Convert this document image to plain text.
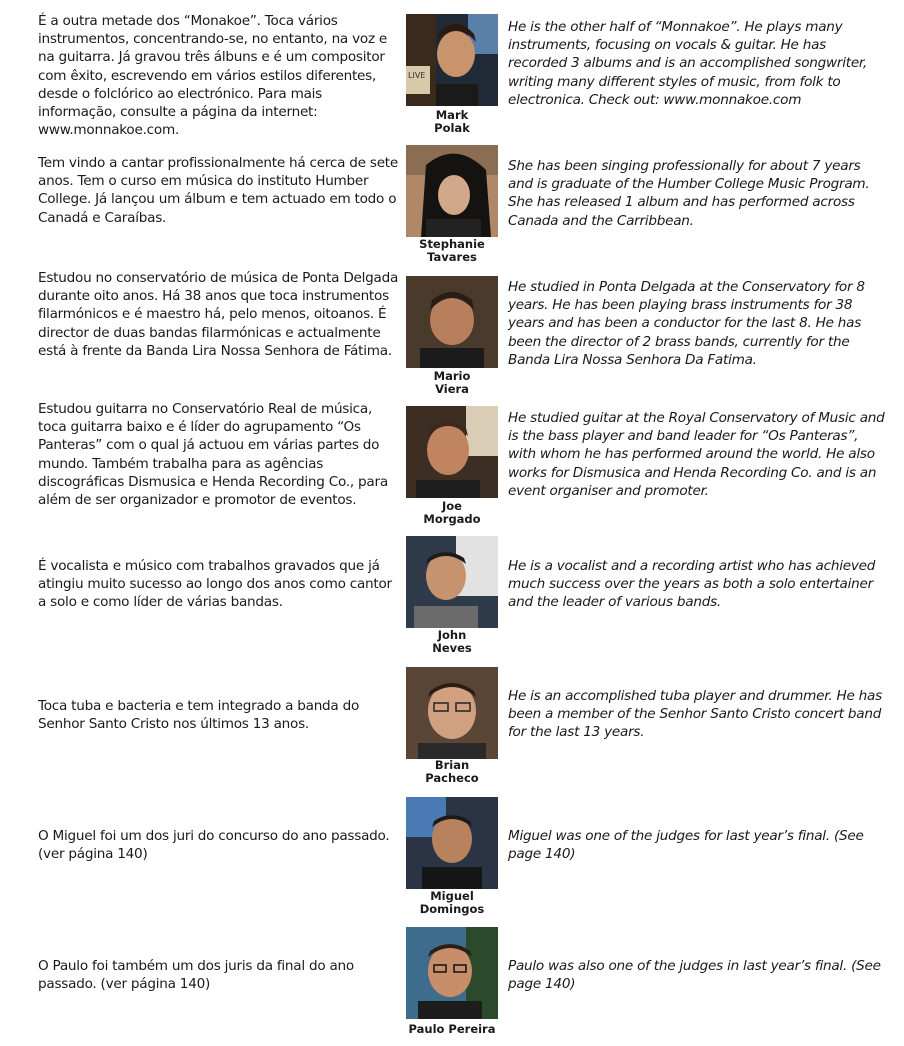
É a outra metade dos “Monakoe”. Toca vários instrumentos, concentrando-se, no entanto, na voz e na guitarra. Já gravou três álbuns e é um compositor com êxito, escrevendo em vários estilos diferentes, desde o folclórico ao electrónico. Para mais informação, consulte a página da internet: www.monnakoe.com.
LIVE
Mark
Polak
He is the other half of “Monnakoe”. He plays many instruments, focusing on vocals & guitar. He has recorded 3 albums and is an accomplished songwriter, writing many different styles of music, from folk to electronica. Check out: www.monnakoe.com
Tem vindo a cantar profissionalmente há cerca de sete anos. Tem o curso em música do instituto Humber College. Já lançou um álbum e tem actuado em todo o Canadá e Caraíbas.
Stephanie
Tavares
She has been singing professionally for about 7 years and is graduate of the Humber College Music Program. She has released 1 album and has performed across Canada and the Carribbean.
Estudou no conservatório de música de Ponta Delgada durante oito anos. Há 38 anos que toca instrumentos filarmónicos e é maestro há, pelo menos, oitoanos. É director de duas bandas filarmónicas e actualmente está à frente da Banda Lira Nossa Senhora de Fátima.
Mario
Viera
He studied in Ponta Delgada at the Conservatory for 8 years. He has been playing brass instruments for 38 years and has been a conductor for the last 8. He has been the director of 2 brass bands, currently for the Banda Lira Nossa Senhora Da Fatima.
Estudou guitarra no Conservatório Real de música, toca guitarra baixo e é líder do agrupamento “Os Panteras” com o qual já actuou em várias partes do mundo. Também trabalha para as agências discográficas Dismusica e Henda Recording Co., para além de ser organizador e promotor de eventos.	Joe
Morgado
He studied guitar at the Royal Conservatory of Music and is the bass player and band leader for “Os Panteras”, with whom he has performed around the world. He also works for Dismusica and Henda Recording Co. and is an event organiser and promoter.
É vocalista e músico com trabalhos gravados que já atingiu muito sucesso ao longo dos anos como cantor a solo e como líder de várias bandas.
John
Neves
He is a vocalist and a recording artist who has achieved much success over the years as both a solo entertainer and the leader of various bands.
Toca tuba e bacteria e tem integrado a banda do Senhor Santo Cristo nos últimos 13 anos.
Brian
Pacheco
He is an accomplished tuba player and drummer. He has been a member of the Senhor Santo Cristo concert band for the last 13 years.
O Miguel foi um dos juri do concurso do ano passado. (ver página 140)
Miguel
Domingos
Miguel was one of the judges for last year’s final. (See page 140)
O Paulo foi também um dos juris da final do ano passado. (ver página 140)
Paulo Pereira
Paulo was also one of the judges in last year’s final. (See page 140)
